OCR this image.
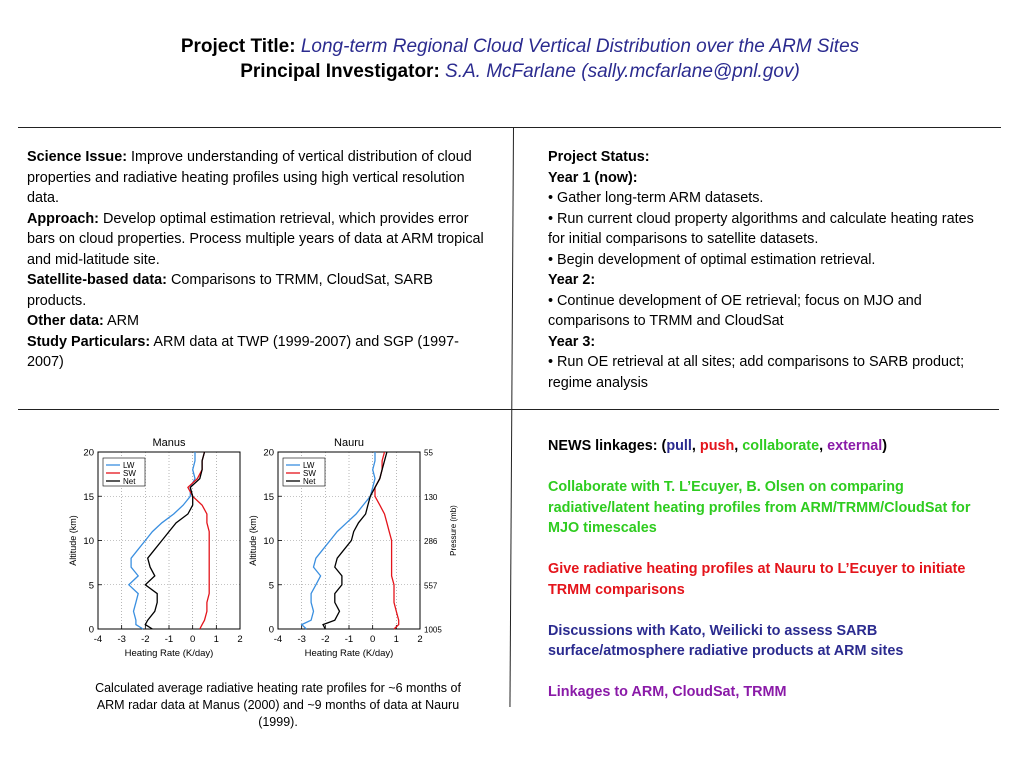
Project Title: Long-term Regional Cloud Vertical Distribution over the ARM Sites
Principal Investigator: S.A. McFarlane (sally.mcfarlane@pnl.gov)
Science Issue: Improve understanding of vertical distribution of cloud properties and radiative heating profiles using high vertical resolution data.
Approach: Develop optimal estimation retrieval, which provides error bars on cloud properties. Process multiple years of data at ARM tropical and mid-latitude site.
Satellite-based data: Comparisons to TRMM, CloudSat, SARB products.
Other data: ARM
Study Particulars: ARM data at TWP (1999-2007) and SGP (1997-2007)
Project Status:
Year 1 (now):
• Gather long-term ARM datasets.
• Run current cloud property algorithms and calculate heating rates for initial comparisons to satellite datasets.
• Begin development of optimal estimation retrieval.
Year 2:
• Continue development of OE retrieval; focus on MJO and comparisons to TRMM and CloudSat
Year 3:
• Run OE retrieval at all sites; add comparisons to SARB product; regime analysis

NEWS linkages: (pull, push, collaborate, external)

Collaborate with T. L’Ecuyer, B. Olsen on comparing radiative/latent heating profiles from ARM/TRMM/CloudSat for MJO timescales

Give radiative heating profiles at Nauru to L’Ecuyer to initiate TRMM comparisons

Discussions with Kato, Weilicki to assess SARB surface/atmosphere radiative products at ARM sites

Linkages to ARM, CloudSat, TRMM

-4 -3 -2 -1 0 1 2
0
5
10
15
20
Manus
Heating Rate (K/day)
Altitude (km)
LW
SW
Net
-4 -3 -2 -1 0 1 2
0
5
10
15
20
Nauru
Heating Rate (K/day)
Altitude (km)
1005
557
286
130
55
Pressure (mb)
LW
SW
Net
Calculated average radiative heating rate profiles for ~6 months of ARM radar data at Manus (2000) and ~9 months of data at Nauru (1999).
